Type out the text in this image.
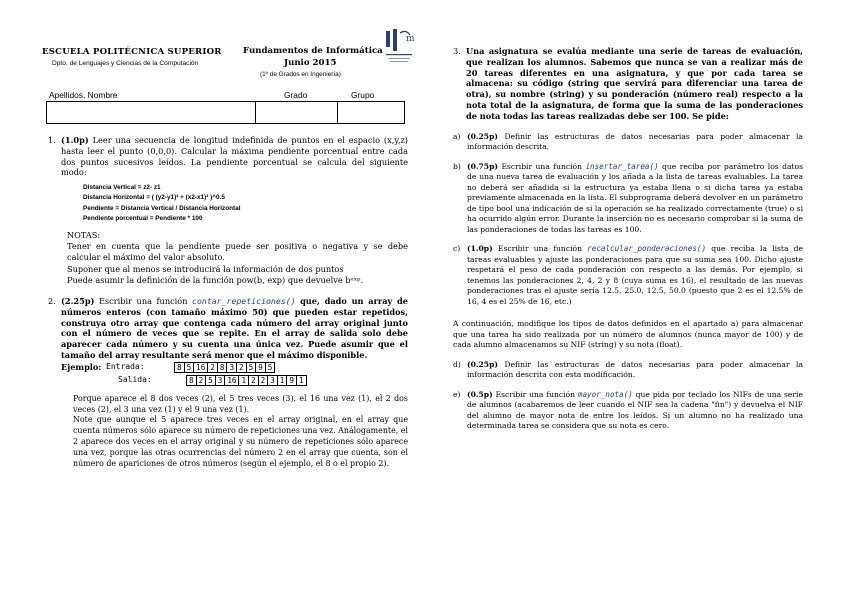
ESCUELA POLITÉCNICA SUPERIOR
Dpto. de Lenguajes y Ciencias de la Computación
Fundamentos de Informática
Junio 2015
(1º de Grados en Ingeniería)
m
Apellidos, Nombre	Grado	Grupo
1. (1.0p) Leer una secuencia de longitud indefinida de puntos en el espacio (x,y,z) hasta leer el punto (0,0,0). Calcular la máxima pendiente porcentual entre cada dos puntos sucesivos leídos. La pendiente porcentual se calcula del siguiente modo:

Distancia Vertical = z2- z1
Distancia Horizontal = ( (y2-y1)² + (x2-x1)² )^0.5
Pendiente = Distancia Vertical / Distancia Horizontal
Pendiente porcentual = Pendiente * 100
NOTAS:
Tener en cuenta que la pendiente puede ser positiva o negativa y se debe calcular el máximo del valor absoluto.
Suponer que al menos se introducirá la información de dos puntos
Puede asumir la definición de la función pow(b, exp) que devuelve bᵉˣᵖ.
2. (2.25p) Escribir una función contar_repeticiones() que, dado un array de números enteros (con tamaño máximo 50) que pueden estar repetidos, construya otro array que contenga cada número del array original junto con el número de veces que se repite. En el array de salida solo debe aparecer cada número y su cuenta una única vez. Puede asumir que el tamaño del array resultante será menor que el máximo disponible.

Ejemplo: Entrada:	8	5	16	2	8	3	2	5	9	5
Salida:	8	2	5	3	16	1	2	2	3	1	9	1

Porque aparece el 8 dos veces (2), el 5 tres veces (3), el 16 una vez (1), el 2 dos veces (2), el 3 una vez (1) y el 9 una vez (1).

Note que aunque el 5 aparece tres veces en el array original, en el array que cuenta números sólo aparece su número de repeticiones una vez. Análogamente, el 2 aparece dos veces en el array original y su número de repeticiones sólo aparece una vez, porque las otras ocurrencias del número 2 en el array que cuenta, son el número de apariciones de otros números (según el ejemplo, el 8 o el propio 2).

3. Una asignatura se evalúa mediante una serie de tareas de evaluación, que realizan los alumnos. Sabemos que nunca se van a realizar más de 20 tareas diferentes en una asignatura, y que por cada tarea se almacena: su código (string que servirá para diferenciar una tarea de otra), su nombre (string) y su ponderación (número real) respecto a la nota total de la asignatura, de forma que la suma de las ponderaciones de nota todas las tareas realizadas debe ser 100. Se pide:

a) (0.25p) Definir las estructuras de datos necesarias para poder almacenar la información descrita.
b) (0.75p) Escribir una función insertar_tarea() que reciba por parámetro los datos de una nueva tarea de evaluación y los añada a la lista de tareas evaluables. La tarea no deberá ser añadida si la estructura ya estaba llena o si dicha tarea ya estaba previamente almacenada en la lista. El subprograma deberá devolver en un parámetro de tipo bool una indicación de si la operación se ha realizado correctamente (true) o si ha ocurrido algún error. Durante la inserción no es necesario comprobar si la suma de las ponderaciones de todas las tareas es 100.
c) (1.0p) Escribir una función recalcular_ponderaciones() que reciba la lista de tareas evaluables y ajuste las ponderaciones para que su suma sea 100. Dicho ajuste respetará el peso de cada ponderación con respecto a las demás. Por ejemplo, si tenemos las ponderaciones 2, 4, 2 y 8 (cuya suma es 16), el resultado de las nuevas ponderaciones tras el ajuste sería 12.5, 25.0, 12.5, 50.0 (puesto que 2 es el 12.5% de 16, 4 es el 25% de 16, etc.)

A continuación, modifique los tipos de datos definidos en el apartado a) para almacenar que una tarea ha sido realizada por un número de alumnos (nunca mayor de 100) y de cada alumno almacenamos su NIF (string) y su nota (float).

d) (0.25p) Definir las estructuras de datos necesarias para poder almacenar la información descrita con esta modificación.
e) (0.5p) Escribir una función mayor_nota() que pida por teclado los NIFs de una serie de alumnos (acabaremos de leer cuando el NIF sea la cadena "fin") y devuelva el NIF del alumno de mayor nota de entre los leídos. Si un alumno no ha realizado una determinada tarea se considera que su nota es cero.
